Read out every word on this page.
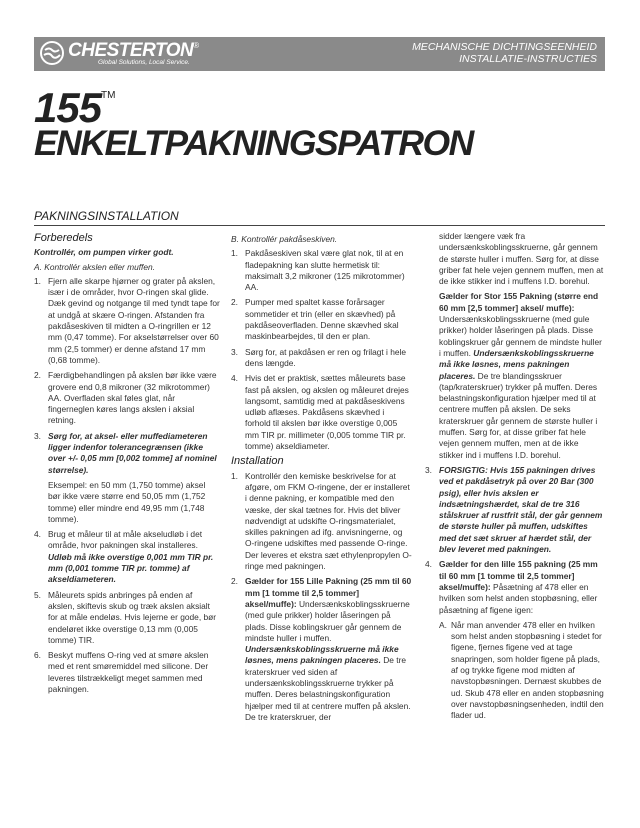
CHESTERTON ®
Global Solutions, Local Service.
MECHANISCHE DICHTINGSEENHEID
INSTALLATIE-INSTRUCTIES
155 TM
ENKELTPAKNINGSPATRON
PAKNINGSINSTALLATION
Forberedels
Kontrollér, om pumpen virker godt.
A. Kontrollér akslen eller muffen.
1. Fjern alle skarpe hjørner og grater på akslen, især i de områder, hvor O-ringen skal glide. Dæk gevind og notgange til med tyndt tape for at undgå at skære O-ringen. Afstanden fra pakdåseskiven til midten a O-ringrillen er 12 mm (0,47 tomme). For akselstørrelser over 60 mm (2,5 tommer) er denne afstand 17 mm (0,68 tomme).
2. Færdigbehandlingen på akslen bør ikke være grovere end 0,8 mikroner (32 mikrotommer) AA. Overfladen skal føles glat, når fingerneglen køres langs akslen i aksial retning.
3. Sørg for, at aksel- eller muffediameteren ligger indenfor tolerancegrænsen (ikke over +/- 0,05 mm [0,002 tomme] af nominel størrelse).
Eksempel: en 50 mm (1,750 tomme) aksel bør ikke være større end 50,05 mm (1,752 tomme) eller mindre end 49,95 mm (1,748 tomme).
4. Brug et måleur til at måle akseludløb i det område, hvor pakningen skal installeres. Udløb må ikke overstige 0,001 mm TIR pr. mm (0,001 tomme TIR pr. tomme) af akseldiameteren.
5. Måleurets spids anbringes på enden af akslen, skiftevis skub og træk akslen aksialt for at måle endeløs. Hvis lejerne er gode, bør endeløret ikke overstige 0,13 mm (0,005 tomme) TIR.
6. Beskyt muffens O-ring ved at smøre akslen med et rent smøremiddel med silicone. Der leveres tilstrækkeligt meget sammen med pakningen.
B. Kontrollér pakdåseskiven.
1. Pakdåseskiven skal være glat nok, til at en fladepakning kan slutte hermetisk til: maksimalt 3,2 mikroner (125 mikrotommer) AA.
2. Pumper med spaltet kasse forårsager sommetider et trin (eller en skævhed) på pakdåseoverfladen. Denne skævhed skal maskinbearbejdes, til den er plan.
3. Sørg for, at pakdåsen er ren og frilagt i hele dens længde.
4. Hvis det er praktisk, sættes måleurets base fast på akslen, og akslen og måleuret drejes langsomt, samtidig med at pakdåseskivens udløb aflæses. Pakdåsens skævhed i forhold til akslen bør ikke overstige 0,005 mm TIR pr. millimeter (0,005 tomme TIR pr. tomme) akseldiameter.
Installation
1. Kontrollér den kemiske beskrivelse for at afgøre, om FKM O-ringene, der er installeret i denne pakning, er kompatible med den væske, der skal tætnes for. Hvis det bliver nødvendigt at udskifte O-ringsmaterialet, skilles pakningen ad ifg. anvisningerne, og O-ringene udskiftes med passende O-ringe. Der leveres et ekstra sæt ethylenpropylen O-ringe med pakningen.
2. Gælder for 155 Lille Pakning (25 mm til 60 mm [1 tomme til 2,5 tommer] aksel/muffe): Undersænkskoblingsskruerne (med gule prikker) holder låseringen på plads. Disse koblingskruer går gennem de mindste huller i muffen. Undersænkskoblingsskruerne må ikke løsnes, mens pakningen placeres. De tre kraterskruer ved siden af undersænkskoblingsskruerne trykker på muffen. Deres belastningskonfiguration hjælper med til at centrere muffen på akslen. De tre kraterskruer, der
sidder længere væk fra undersænkskoblingsskruerne, går gennem de største huller i muffen. Sørg for, at disse griber fat hele vejen gennem muffen, men at de ikke stikker ind i muffens I.D. borehul.
Gælder for Stor 155 Pakning (større end 60 mm [2,5 tommer] aksel/ muffe): Undersænkskoblingsskruerne (med gule prikker) holder låseringen på plads. Disse koblingskruer går gennem de mindste huller i muffen. Undersænkskoblingsskruerne må ikke løsnes, mens pakningen placeres. De tre blandingsskruer (tap/kraterskruer) trykker på muffen. Deres belastningskonfiguration hjælper med til at centrere muffen på akslen. De seks kraterskruer går gennem de største huller i muffen. Sørg for, at disse griber fat hele vejen gennem muffen, men at de ikke stikker ind i muffens I.D. borehul.
3. FORSIGTIG: Hvis 155 pakningen drives ved et pakdåsetryk på over 20 Bar (300 psig), eller hvis akslen er indsætningshærdet, skal de tre 316 stålskruer af rustfrit stål, der går gennem de største huller på muffen, udskiftes med det sæt skruer af hærdet stål, der blev leveret med pakningen.
4. Gælder for den lille 155 pakning (25 mm til 60 mm [1 tomme til 2,5 tommer] aksel/muffe): Påsætning af 478 eller en hvilken som helst anden stopbøsning, eller påsætning af figene igen:
A. Når man anvender 478 eller en hvilken som helst anden stopbøsning i stedet for figene, fjernes figene ved at tage snapringen, som holder figene på plads, af og trykke figene mod midten af navstopbøsningen. Dernæst skubbes de ud. Skub 478 eller en anden stopbøsning over navstopbøsningsenheden, indtil den flader ud.
